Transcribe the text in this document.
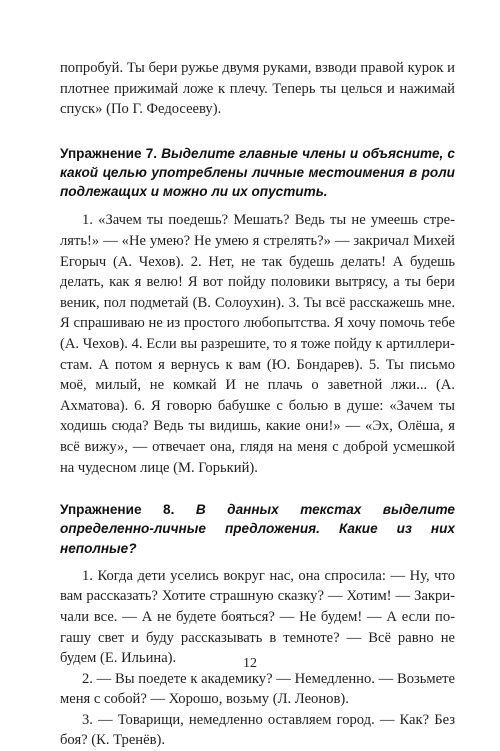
попробуй. Ты бери ружье двумя руками, взводи правой курок и плотнее прижимай ложе к плечу. Теперь ты целься и нажимай спуск» (По Г. Федосееву).

Упражнение 7. Выделите главные члены и объясните, с какой целью употреблены личные местоимения в роли подлежащих и можно ли их опустить.

1. «Зачем ты поедешь? Мешать? Ведь ты не умеешь стрелять!» — «Не умею? Не умею я стрелять?» — закричал Михей Егорыч (А. Чехов). 2. Нет, не так будешь делать! А будешь делать, как я велю! Я вот пойду половики вытрясу, а ты бери веник, пол подметай (В. Солоухин). 3. Ты всё расскажешь мне. Я спрашиваю не из простого любопытства. Я хочу помочь тебе (А. Чехов). 4. Если вы разрешите, то я тоже пойду к артиллеристам. А потом я вернусь к вам (Ю. Бондарев). 5. Ты письмо моё, милый, не комкай И не плачь о заветной лжи... (А. Ахматова). 6. Я говорю бабушке с болью в душе: «Зачем ты ходишь сюда? Ведь ты видишь, какие они!» — «Эх, Олёша, я всё вижу», — отвечает она, глядя на меня с доброй усмешкой на чудесном лице (М. Горький).

Упражнение 8. В данных текстах выделите определенно-личные предложения. Какие из них неполные?

1. Когда дети уселись вокруг нас, она спросила: — Ну, что вам рассказать? Хотите страшную сказку? — Хотим! — Закричали все. — А не будете бояться? — Не будем! — А если погашу свет и буду рассказывать в темноте? — Всё равно не будем (Е. Ильина).

2. — Вы поедете к академику? — Немедленно. — Возьмете меня с собой? — Хорошо, возьму (Л. Леонов).

3. — Товарищи, немедленно оставляем город. — Как? Без боя? (К. Тренёв).

12
